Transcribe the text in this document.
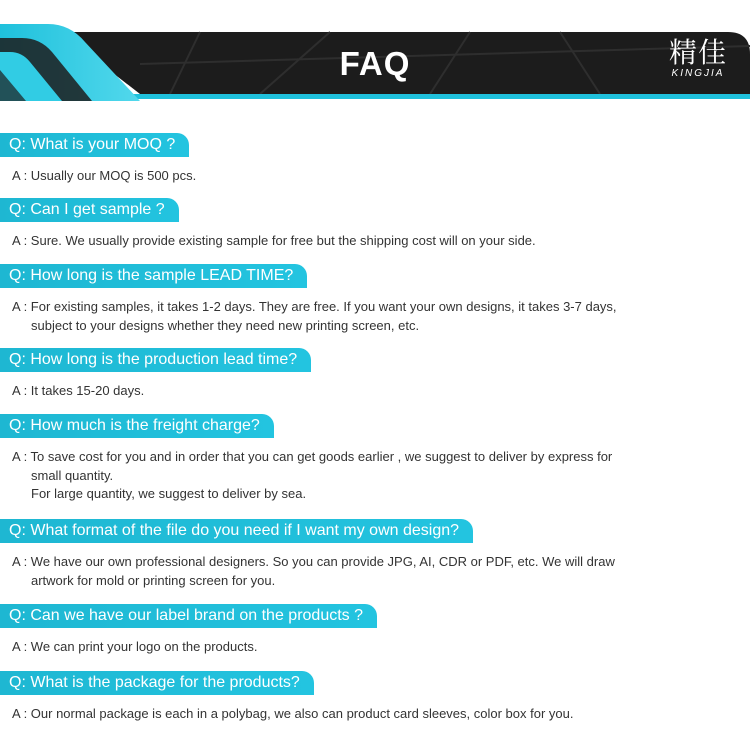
FAQ	精佳
KINGJIA
Q: What is your MOQ ?
A : Usually our MOQ is 500 pcs.
Q: Can I get sample ?
A : Sure. We usually provide existing sample for free but the shipping cost will on your side.
Q: How long is the sample LEAD TIME?
A : For existing samples, it takes 1-2 days. They are free. If you want your own designs, it takes 3-7 days,
subject to your designs whether they need new printing screen, etc.
Q: How long is the production lead time?
A : It takes 15-20 days.
Q: How much is the freight charge?
A : To save cost for you and in order that you can get goods earlier , we suggest to deliver by express for
small quantity.
For large quantity, we suggest to deliver by sea.
Q: What format of the file do you need if I want my own design?
A : We have our own professional designers. So you can provide JPG, AI, CDR or PDF, etc. We will draw
artwork for mold or printing screen for you.
Q: Can we have our label brand on the products ?
A : We can print your logo on the products.
Q: What is the package for the products?
A : Our normal package is each in a polybag, we also can product card sleeves, color box for you.
